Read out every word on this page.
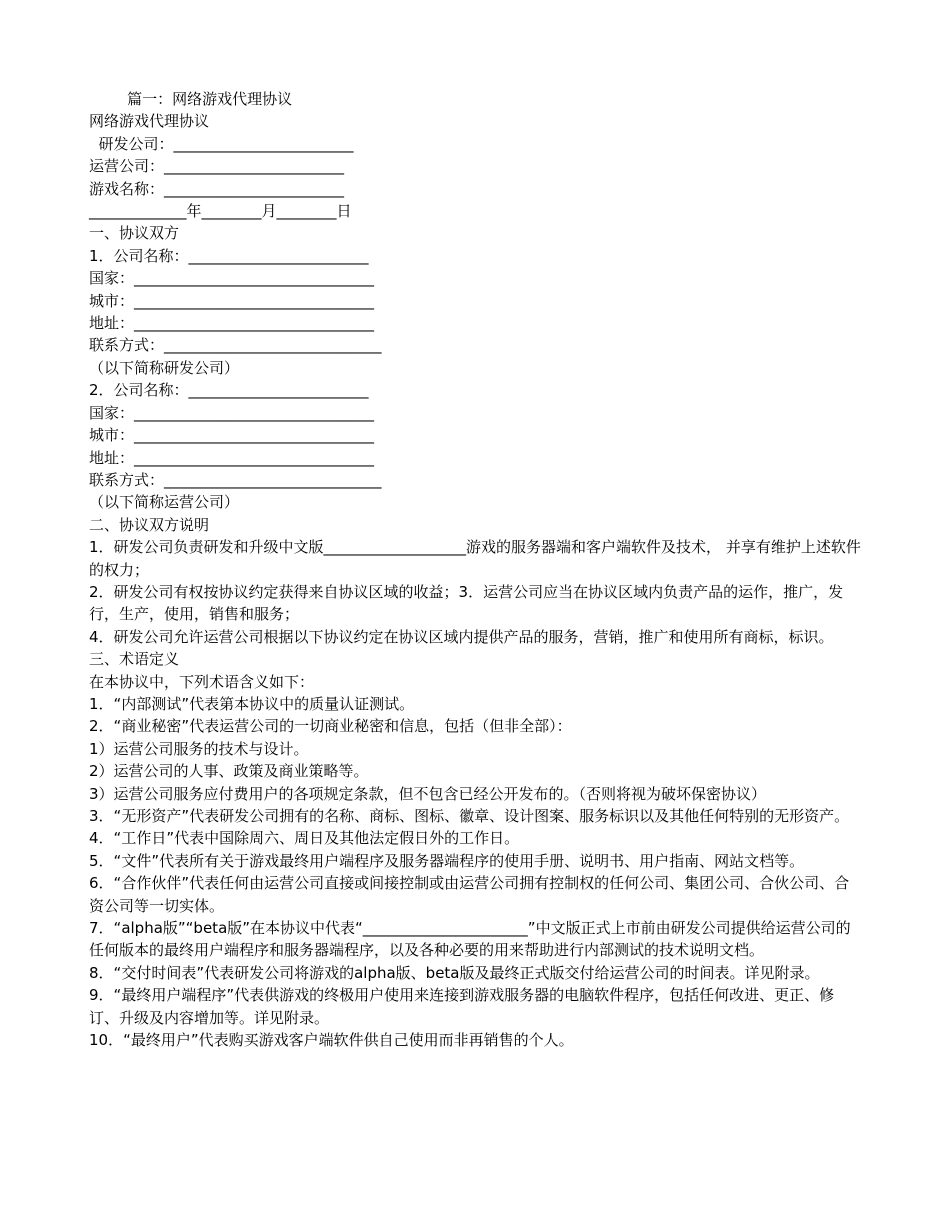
篇一：网络游戏代理协议

网络游戏代理协议

研发公司：________________________

运营公司：________________________

游戏名称：________________________

_____________年________月________日

一、协议双方

1．公司名称：________________________

国家：________________________________

城市：________________________________

地址：________________________________

联系方式：_____________________________

（以下简称研发公司）

2．公司名称：________________________

国家：________________________________

城市：________________________________

地址：________________________________

联系方式：_____________________________

（以下简称运营公司）

二、协议双方说明

1．研发公司负责研发和升级中文版___________________游戏的服务器端和客户端软件及技术， 并享有维护上述软件的权力；

2．研发公司有权按协议约定获得来自协议区域的收益；3．运营公司应当在协议区域内负责产品的运作，推广，发行，生产，使用，销售和服务；

4．研发公司允许运营公司根据以下协议约定在协议区域内提供产品的服务，营销，推广和使用所有商标，标识。

三、术语定义

在本协议中，下列术语含义如下：

1．“内部测试”代表第本协议中的质量认证测试。

2．“商业秘密”代表运营公司的一切商业秘密和信息，包括（但非全部）：

1）运营公司服务的技术与设计。

2）运营公司的人事、政策及商业策略等。

3）运营公司服务应付费用户的各项规定条款，但不包含已经公开发布的。（否则将视为破坏保密协议）

3．“无形资产”代表研发公司拥有的名称、商标、图标、徽章、设计图案、服务标识以及其他任何特别的无形资产。

4．“工作日”代表中国除周六、周日及其他法定假日外的工作日。

5．“文件”代表所有关于游戏最终用户端程序及服务器端程序的使用手册、说明书、用户指南、网站文档等。

6．“合作伙伴”代表任何由运营公司直接或间接控制或由运营公司拥有控制权的任何公司、集团公司、合伙公司、合资公司等一切实体。

7．“alpha版”“beta版”在本协议中代表“______________________”中文版正式上市前由研发公司提供给运营公司的任何版本的最终用户端程序和服务器端程序，以及各种必要的用来帮助进行内部测试的技术说明文档。

8．“交付时间表”代表研发公司将游戏的alpha版、beta版及最终正式版交付给运营公司的时间表。详见附录。

9．“最终用户端程序”代表供游戏的终极用户使用来连接到游戏服务器的电脑软件程序，包括任何改进、更正、修订、升级及内容增加等。详见附录。

10．“最终用户”代表购买游戏客户端软件供自己使用而非再销售的个人。
